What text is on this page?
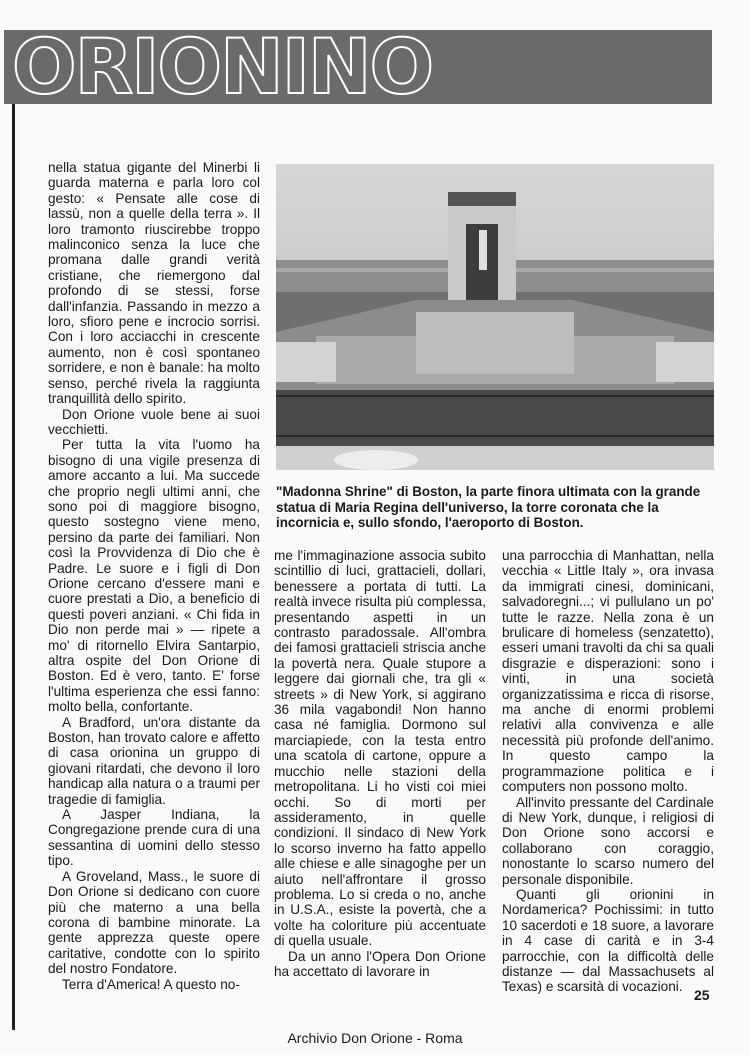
ORIONINO

nella statua gigante del Minerbi li guarda materna e parla loro col gesto: « Pensate alle cose di lassù, non a quelle della terra ». Il loro tramonto riuscirebbe troppo malinconico senza la luce che promana dalle grandi verità cristiane, che riemergono dal profondo di se stessi, forse dall'infanzia. Passando in mezzo a loro, sfioro pene e incrocio sorrisi. Con i loro acciacchi in crescente aumento, non è così spontaneo sorridere, e non è banale: ha molto senso, perché rivela la raggiunta tranquillità dello spirito.

Don Orione vuole bene ai suoi vecchietti.

Per tutta la vita l'uomo ha bisogno di una vigile presenza di amore accanto a lui. Ma succede che proprio negli ultimi anni, che sono poi di maggiore bisogno, questo sostegno viene meno, persino da parte dei familiari. Non così la Provvidenza di Dio che è Padre. Le suore e i figli di Don Orione cercano d'essere mani e cuore prestati a Dio, a beneficio di questi poveri anziani. « Chi fida in Dio non perde mai » — ripete a mo' di ritornello Elvira Santarpio, altra ospite del Don Orione di Boston. Ed è vero, tanto. E' forse l'ultima esperienza che essi fanno: molto bella, confortante.

A Bradford, un'ora distante da Boston, han trovato calore e affetto di casa orionina un gruppo di giovani ritardati, che devono il loro handicap alla natura o a traumi per tragedie di famiglia.

A Jasper Indiana, la Congregazione prende cura di una sessantina di uomini dello stesso tipo.

A Groveland, Mass., le suore di Don Orione si dedicano con cuore più che materno a una bella corona di bambine minorate. La gente apprezza queste opere caritative, condotte con lo spirito del nostro Fondatore.

Terra d'America! A questo no-

"Madonna Shrine" di Boston, la parte finora ultimata con la grande statua di Maria Regina dell'universo, la torre coronata che la incornicia e, sullo sfondo, l'aeroporto di Boston.

me l'immaginazione associa subito scintillio di luci, grattacieli, dollari, benessere a portata di tutti. La realtà invece risulta più complessa, presentando aspetti in un contrasto paradossale. All'ombra dei famosi grattacieli striscia anche la povertà nera. Quale stupore a leggere dai giornali che, tra gli « streets » di New York, si aggirano 36 mila vagabondi! Non hanno casa né famiglia. Dormono sul marciapiede, con la testa entro una scatola di cartone, oppure a mucchio nelle stazioni della metropolitana. Li ho visti coi miei occhi. So di morti per assideramento, in quelle condizioni. Il sindaco di New York lo scorso inverno ha fatto appello alle chiese e alle sinagoghe per un aiuto nell'affrontare il grosso problema. Lo si creda o no, anche in U.S.A., esiste la povertà, che a volte ha coloriture più accentuate di quella usuale.

Da un anno l'Opera Don Orione ha accettato di lavorare in

una parrocchia di Manhattan, nella vecchia « Little Italy », ora invasa da immigrati cinesi, dominicani, salvadoregni...; vi pullulano un po' tutte le razze. Nella zona è un brulicare di homeless (senzatetto), esseri umani travolti da chi sa quali disgrazie e disperazioni: sono i vinti, in una società organizzatissima e ricca di risorse, ma anche di enormi problemi relativi alla convivenza e alle necessità più profonde dell'animo. In questo campo la programmazione politica e i computers non possono molto.

All'invito pressante del Cardinale di New York, dunque, i religiosi di Don Orione sono accorsi e collaborano con coraggio, nonostante lo scarso numero del personale disponibile.

Quanti gli orionini in Nordamerica? Pochissimi: in tutto 10 sacerdoti e 18 suore, a lavorare in 4 case di carità e in 3-4 parrocchie, con la difficoltà delle distanze — dal Massachusets al Texas) e scarsità di vocazioni.

25
Archivio Don Orione - Roma
